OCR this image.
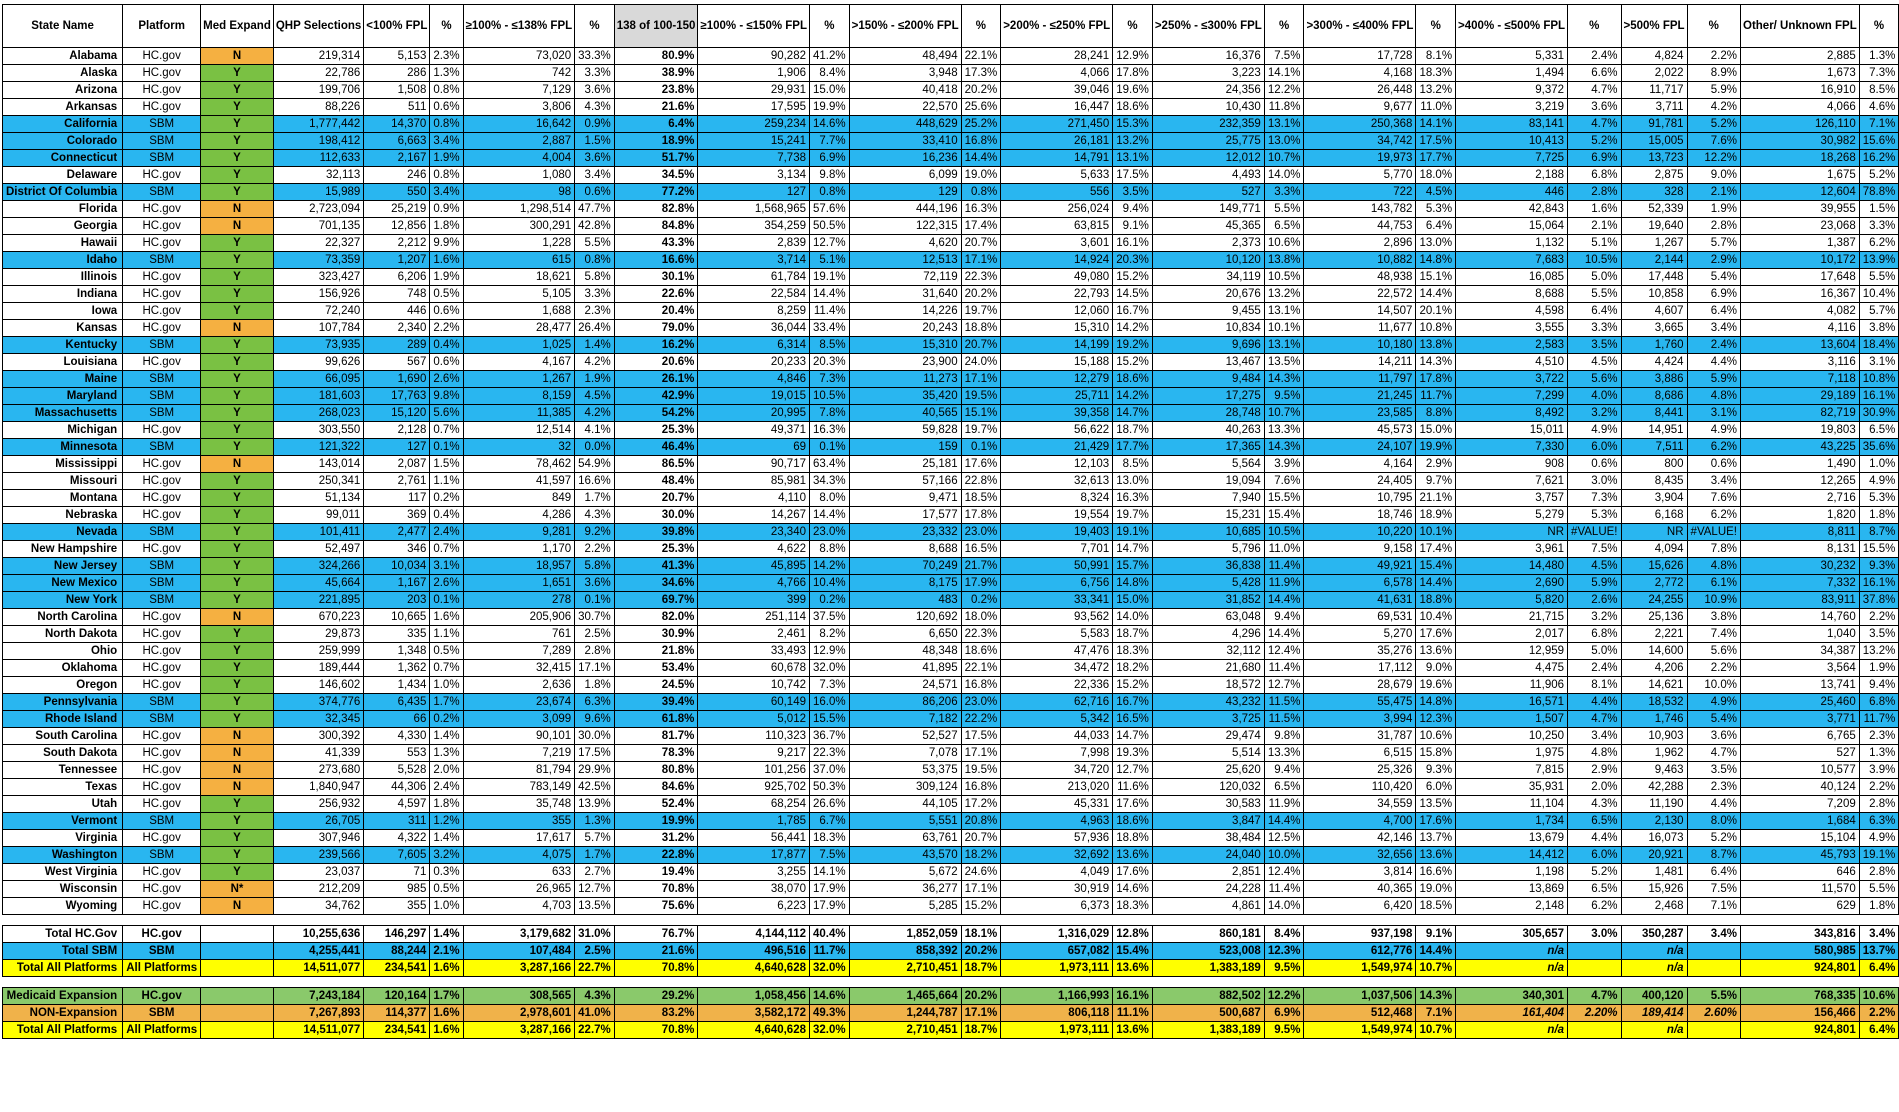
State Name	Platform	Med Expand	QHP Selections	<100% FPL	%	≥100% - ≤138% FPL	%	138 of 100-150	≥100% - ≤150% FPL	%	>150% - ≤200% FPL	%	>200% - ≤250% FPL	%	>250% - ≤300% FPL	%	>300% - ≤400% FPL	%	>400% - ≤500% FPL	%	>500% FPL	%	Other/ Unknown FPL	%
Alabama	HC.gov	N	219,314	5,153	2.3%	73,020	33.3%	80.9%	90,282	41.2%	48,494	22.1%	28,241	12.9%	16,376	7.5%	17,728	8.1%	5,331	2.4%	4,824	2.2%	2,885	1.3%
Alaska	HC.gov	Y	22,786	286	1.3%	742	3.3%	38.9%	1,906	8.4%	3,948	17.3%	4,066	17.8%	3,223	14.1%	4,168	18.3%	1,494	6.6%	2,022	8.9%	1,673	7.3%
Arizona	HC.gov	Y	199,706	1,508	0.8%	7,129	3.6%	23.8%	29,931	15.0%	40,418	20.2%	39,046	19.6%	24,356	12.2%	26,448	13.2%	9,372	4.7%	11,717	5.9%	16,910	8.5%
Arkansas	HC.gov	Y	88,226	511	0.6%	3,806	4.3%	21.6%	17,595	19.9%	22,570	25.6%	16,447	18.6%	10,430	11.8%	9,677	11.0%	3,219	3.6%	3,711	4.2%	4,066	4.6%
California	SBM	Y	1,777,442	14,370	0.8%	16,642	0.9%	6.4%	259,234	14.6%	448,629	25.2%	271,450	15.3%	232,359	13.1%	250,368	14.1%	83,141	4.7%	91,781	5.2%	126,110	7.1%
Colorado	SBM	Y	198,412	6,663	3.4%	2,887	1.5%	18.9%	15,241	7.7%	33,410	16.8%	26,181	13.2%	25,775	13.0%	34,742	17.5%	10,413	5.2%	15,005	7.6%	30,982	15.6%
Connecticut	SBM	Y	112,633	2,167	1.9%	4,004	3.6%	51.7%	7,738	6.9%	16,236	14.4%	14,791	13.1%	12,012	10.7%	19,973	17.7%	7,725	6.9%	13,723	12.2%	18,268	16.2%
Delaware	HC.gov	Y	32,113	246	0.8%	1,080	3.4%	34.5%	3,134	9.8%	6,099	19.0%	5,633	17.5%	4,493	14.0%	5,770	18.0%	2,188	6.8%	2,875	9.0%	1,675	5.2%
District Of Columbia	SBM	Y	15,989	550	3.4%	98	0.6%	77.2%	127	0.8%	129	0.8%	556	3.5%	527	3.3%	722	4.5%	446	2.8%	328	2.1%	12,604	78.8%
Florida	HC.gov	N	2,723,094	25,219	0.9%	1,298,514	47.7%	82.8%	1,568,965	57.6%	444,196	16.3%	256,024	9.4%	149,771	5.5%	143,782	5.3%	42,843	1.6%	52,339	1.9%	39,955	1.5%
Georgia	HC.gov	N	701,135	12,856	1.8%	300,291	42.8%	84.8%	354,259	50.5%	122,315	17.4%	63,815	9.1%	45,365	6.5%	44,753	6.4%	15,064	2.1%	19,640	2.8%	23,068	3.3%
Hawaii	HC.gov	Y	22,327	2,212	9.9%	1,228	5.5%	43.3%	2,839	12.7%	4,620	20.7%	3,601	16.1%	2,373	10.6%	2,896	13.0%	1,132	5.1%	1,267	5.7%	1,387	6.2%
Idaho	SBM	Y	73,359	1,207	1.6%	615	0.8%	16.6%	3,714	5.1%	12,513	17.1%	14,924	20.3%	10,120	13.8%	10,882	14.8%	7,683	10.5%	2,144	2.9%	10,172	13.9%
Illinois	HC.gov	Y	323,427	6,206	1.9%	18,621	5.8%	30.1%	61,784	19.1%	72,119	22.3%	49,080	15.2%	34,119	10.5%	48,938	15.1%	16,085	5.0%	17,448	5.4%	17,648	5.5%
Indiana	HC.gov	Y	156,926	748	0.5%	5,105	3.3%	22.6%	22,584	14.4%	31,640	20.2%	22,793	14.5%	20,676	13.2%	22,572	14.4%	8,688	5.5%	10,858	6.9%	16,367	10.4%
Iowa	HC.gov	Y	72,240	446	0.6%	1,688	2.3%	20.4%	8,259	11.4%	14,226	19.7%	12,060	16.7%	9,455	13.1%	14,507	20.1%	4,598	6.4%	4,607	6.4%	4,082	5.7%
Kansas	HC.gov	N	107,784	2,340	2.2%	28,477	26.4%	79.0%	36,044	33.4%	20,243	18.8%	15,310	14.2%	10,834	10.1%	11,677	10.8%	3,555	3.3%	3,665	3.4%	4,116	3.8%
Kentucky	SBM	Y	73,935	289	0.4%	1,025	1.4%	16.2%	6,314	8.5%	15,310	20.7%	14,199	19.2%	9,696	13.1%	10,180	13.8%	2,583	3.5%	1,760	2.4%	13,604	18.4%
Louisiana	HC.gov	Y	99,626	567	0.6%	4,167	4.2%	20.6%	20,233	20.3%	23,900	24.0%	15,188	15.2%	13,467	13.5%	14,211	14.3%	4,510	4.5%	4,424	4.4%	3,116	3.1%
Maine	SBM	Y	66,095	1,690	2.6%	1,267	1.9%	26.1%	4,846	7.3%	11,273	17.1%	12,279	18.6%	9,484	14.3%	11,797	17.8%	3,722	5.6%	3,886	5.9%	7,118	10.8%
Maryland	SBM	Y	181,603	17,763	9.8%	8,159	4.5%	42.9%	19,015	10.5%	35,420	19.5%	25,711	14.2%	17,275	9.5%	21,245	11.7%	7,299	4.0%	8,686	4.8%	29,189	16.1%
Massachusetts	SBM	Y	268,023	15,120	5.6%	11,385	4.2%	54.2%	20,995	7.8%	40,565	15.1%	39,358	14.7%	28,748	10.7%	23,585	8.8%	8,492	3.2%	8,441	3.1%	82,719	30.9%
Michigan	HC.gov	Y	303,550	2,128	0.7%	12,514	4.1%	25.3%	49,371	16.3%	59,828	19.7%	56,622	18.7%	40,263	13.3%	45,573	15.0%	15,011	4.9%	14,951	4.9%	19,803	6.5%
Minnesota	SBM	Y	121,322	127	0.1%	32	0.0%	46.4%	69	0.1%	159	0.1%	21,429	17.7%	17,365	14.3%	24,107	19.9%	7,330	6.0%	7,511	6.2%	43,225	35.6%
Mississippi	HC.gov	N	143,014	2,087	1.5%	78,462	54.9%	86.5%	90,717	63.4%	25,181	17.6%	12,103	8.5%	5,564	3.9%	4,164	2.9%	908	0.6%	800	0.6%	1,490	1.0%
Missouri	HC.gov	Y	250,341	2,761	1.1%	41,597	16.6%	48.4%	85,981	34.3%	57,166	22.8%	32,613	13.0%	19,094	7.6%	24,405	9.7%	7,621	3.0%	8,435	3.4%	12,265	4.9%
Montana	HC.gov	Y	51,134	117	0.2%	849	1.7%	20.7%	4,110	8.0%	9,471	18.5%	8,324	16.3%	7,940	15.5%	10,795	21.1%	3,757	7.3%	3,904	7.6%	2,716	5.3%
Nebraska	HC.gov	Y	99,011	369	0.4%	4,286	4.3%	30.0%	14,267	14.4%	17,577	17.8%	19,554	19.7%	15,231	15.4%	18,746	18.9%	5,279	5.3%	6,168	6.2%	1,820	1.8%
Nevada	SBM	Y	101,411	2,477	2.4%	9,281	9.2%	39.8%	23,340	23.0%	23,332	23.0%	19,403	19.1%	10,685	10.5%	10,220	10.1%	NR	#VALUE!	NR	#VALUE!	8,811	8.7%
New Hampshire	HC.gov	Y	52,497	346	0.7%	1,170	2.2%	25.3%	4,622	8.8%	8,688	16.5%	7,701	14.7%	5,796	11.0%	9,158	17.4%	3,961	7.5%	4,094	7.8%	8,131	15.5%
New Jersey	SBM	Y	324,266	10,034	3.1%	18,957	5.8%	41.3%	45,895	14.2%	70,249	21.7%	50,991	15.7%	36,838	11.4%	49,921	15.4%	14,480	4.5%	15,626	4.8%	30,232	9.3%
New Mexico	SBM	Y	45,664	1,167	2.6%	1,651	3.6%	34.6%	4,766	10.4%	8,175	17.9%	6,756	14.8%	5,428	11.9%	6,578	14.4%	2,690	5.9%	2,772	6.1%	7,332	16.1%
New York	SBM	Y	221,895	203	0.1%	278	0.1%	69.7%	399	0.2%	483	0.2%	33,341	15.0%	31,852	14.4%	41,631	18.8%	5,820	2.6%	24,255	10.9%	83,911	37.8%
North Carolina	HC.gov	N	670,223	10,665	1.6%	205,906	30.7%	82.0%	251,114	37.5%	120,692	18.0%	93,562	14.0%	63,048	9.4%	69,531	10.4%	21,715	3.2%	25,136	3.8%	14,760	2.2%
North Dakota	HC.gov	Y	29,873	335	1.1%	761	2.5%	30.9%	2,461	8.2%	6,650	22.3%	5,583	18.7%	4,296	14.4%	5,270	17.6%	2,017	6.8%	2,221	7.4%	1,040	3.5%
Ohio	HC.gov	Y	259,999	1,348	0.5%	7,289	2.8%	21.8%	33,493	12.9%	48,348	18.6%	47,476	18.3%	32,112	12.4%	35,276	13.6%	12,959	5.0%	14,600	5.6%	34,387	13.2%
Oklahoma	HC.gov	Y	189,444	1,362	0.7%	32,415	17.1%	53.4%	60,678	32.0%	41,895	22.1%	34,472	18.2%	21,680	11.4%	17,112	9.0%	4,475	2.4%	4,206	2.2%	3,564	1.9%
Oregon	HC.gov	Y	146,602	1,434	1.0%	2,636	1.8%	24.5%	10,742	7.3%	24,571	16.8%	22,336	15.2%	18,572	12.7%	28,679	19.6%	11,906	8.1%	14,621	10.0%	13,741	9.4%
Pennsylvania	SBM	Y	374,776	6,435	1.7%	23,674	6.3%	39.4%	60,149	16.0%	86,206	23.0%	62,716	16.7%	43,232	11.5%	55,475	14.8%	16,571	4.4%	18,532	4.9%	25,460	6.8%
Rhode Island	SBM	Y	32,345	66	0.2%	3,099	9.6%	61.8%	5,012	15.5%	7,182	22.2%	5,342	16.5%	3,725	11.5%	3,994	12.3%	1,507	4.7%	1,746	5.4%	3,771	11.7%
South Carolina	HC.gov	N	300,392	4,330	1.4%	90,101	30.0%	81.7%	110,323	36.7%	52,527	17.5%	44,033	14.7%	29,474	9.8%	31,787	10.6%	10,250	3.4%	10,903	3.6%	6,765	2.3%
South Dakota	HC.gov	N	41,339	553	1.3%	7,219	17.5%	78.3%	9,217	22.3%	7,078	17.1%	7,998	19.3%	5,514	13.3%	6,515	15.8%	1,975	4.8%	1,962	4.7%	527	1.3%
Tennessee	HC.gov	N	273,680	5,528	2.0%	81,794	29.9%	80.8%	101,256	37.0%	53,375	19.5%	34,720	12.7%	25,620	9.4%	25,326	9.3%	7,815	2.9%	9,463	3.5%	10,577	3.9%
Texas	HC.gov	N	1,840,947	44,306	2.4%	783,149	42.5%	84.6%	925,702	50.3%	309,124	16.8%	213,020	11.6%	120,032	6.5%	110,420	6.0%	35,931	2.0%	42,288	2.3%	40,124	2.2%
Utah	HC.gov	Y	256,932	4,597	1.8%	35,748	13.9%	52.4%	68,254	26.6%	44,105	17.2%	45,331	17.6%	30,583	11.9%	34,559	13.5%	11,104	4.3%	11,190	4.4%	7,209	2.8%
Vermont	SBM	Y	26,705	311	1.2%	355	1.3%	19.9%	1,785	6.7%	5,551	20.8%	4,963	18.6%	3,847	14.4%	4,700	17.6%	1,734	6.5%	2,130	8.0%	1,684	6.3%
Virginia	HC.gov	Y	307,946	4,322	1.4%	17,617	5.7%	31.2%	56,441	18.3%	63,761	20.7%	57,936	18.8%	38,484	12.5%	42,146	13.7%	13,679	4.4%	16,073	5.2%	15,104	4.9%
Washington	SBM	Y	239,566	7,605	3.2%	4,075	1.7%	22.8%	17,877	7.5%	43,570	18.2%	32,692	13.6%	24,040	10.0%	32,656	13.6%	14,412	6.0%	20,921	8.7%	45,793	19.1%
West Virginia	HC.gov	Y	23,037	71	0.3%	633	2.7%	19.4%	3,255	14.1%	5,672	24.6%	4,049	17.6%	2,851	12.4%	3,814	16.6%	1,198	5.2%	1,481	6.4%	646	2.8%
Wisconsin	HC.gov	N*	212,209	985	0.5%	26,965	12.7%	70.8%	38,070	17.9%	36,277	17.1%	30,919	14.6%	24,228	11.4%	40,365	19.0%	13,869	6.5%	15,926	7.5%	11,570	5.5%
Wyoming	HC.gov	N	34,762	355	1.0%	4,703	13.5%	75.6%	6,223	17.9%	5,285	15.2%	6,373	18.3%	4,861	14.0%	6,420	18.5%	2,148	6.2%	2,468	7.1%	629	1.8%

Total HC.Gov	HC.gov		10,255,636	146,297	1.4%	3,179,682	31.0%	76.7%	4,144,112	40.4%	1,852,059	18.1%	1,316,029	12.8%	860,181	8.4%	937,198	9.1%	305,657	3.0%	350,287	3.4%	343,816	3.4%
Total SBM	SBM		4,255,441	88,244	2.1%	107,484	2.5%	21.6%	496,516	11.7%	858,392	20.2%	657,082	15.4%	523,008	12.3%	612,776	14.4%	n/a		n/a		580,985	13.7%
Total All Platforms	All Platforms		14,511,077	234,541	1.6%	3,287,166	22.7%	70.8%	4,640,628	32.0%	2,710,451	18.7%	1,973,111	13.6%	1,383,189	9.5%	1,549,974	10.7%	n/a		n/a		924,801	6.4%

Medicaid Expansion	HC.gov		7,243,184	120,164	1.7%	308,565	4.3%	29.2%	1,058,456	14.6%	1,465,664	20.2%	1,166,993	16.1%	882,502	12.2%	1,037,506	14.3%	340,301	4.7%	400,120	5.5%	768,335	10.6%
NON-Expansion	SBM		7,267,893	114,377	1.6%	2,978,601	41.0%	83.2%	3,582,172	49.3%	1,244,787	17.1%	806,118	11.1%	500,687	6.9%	512,468	7.1%	161,404	2.20%	189,414	2.60%	156,466	2.2%
Total All Platforms	All Platforms		14,511,077	234,541	1.6%	3,287,166	22.7%	70.8%	4,640,628	32.0%	2,710,451	18.7%	1,973,111	13.6%	1,383,189	9.5%	1,549,974	10.7%	n/a		n/a		924,801	6.4%
